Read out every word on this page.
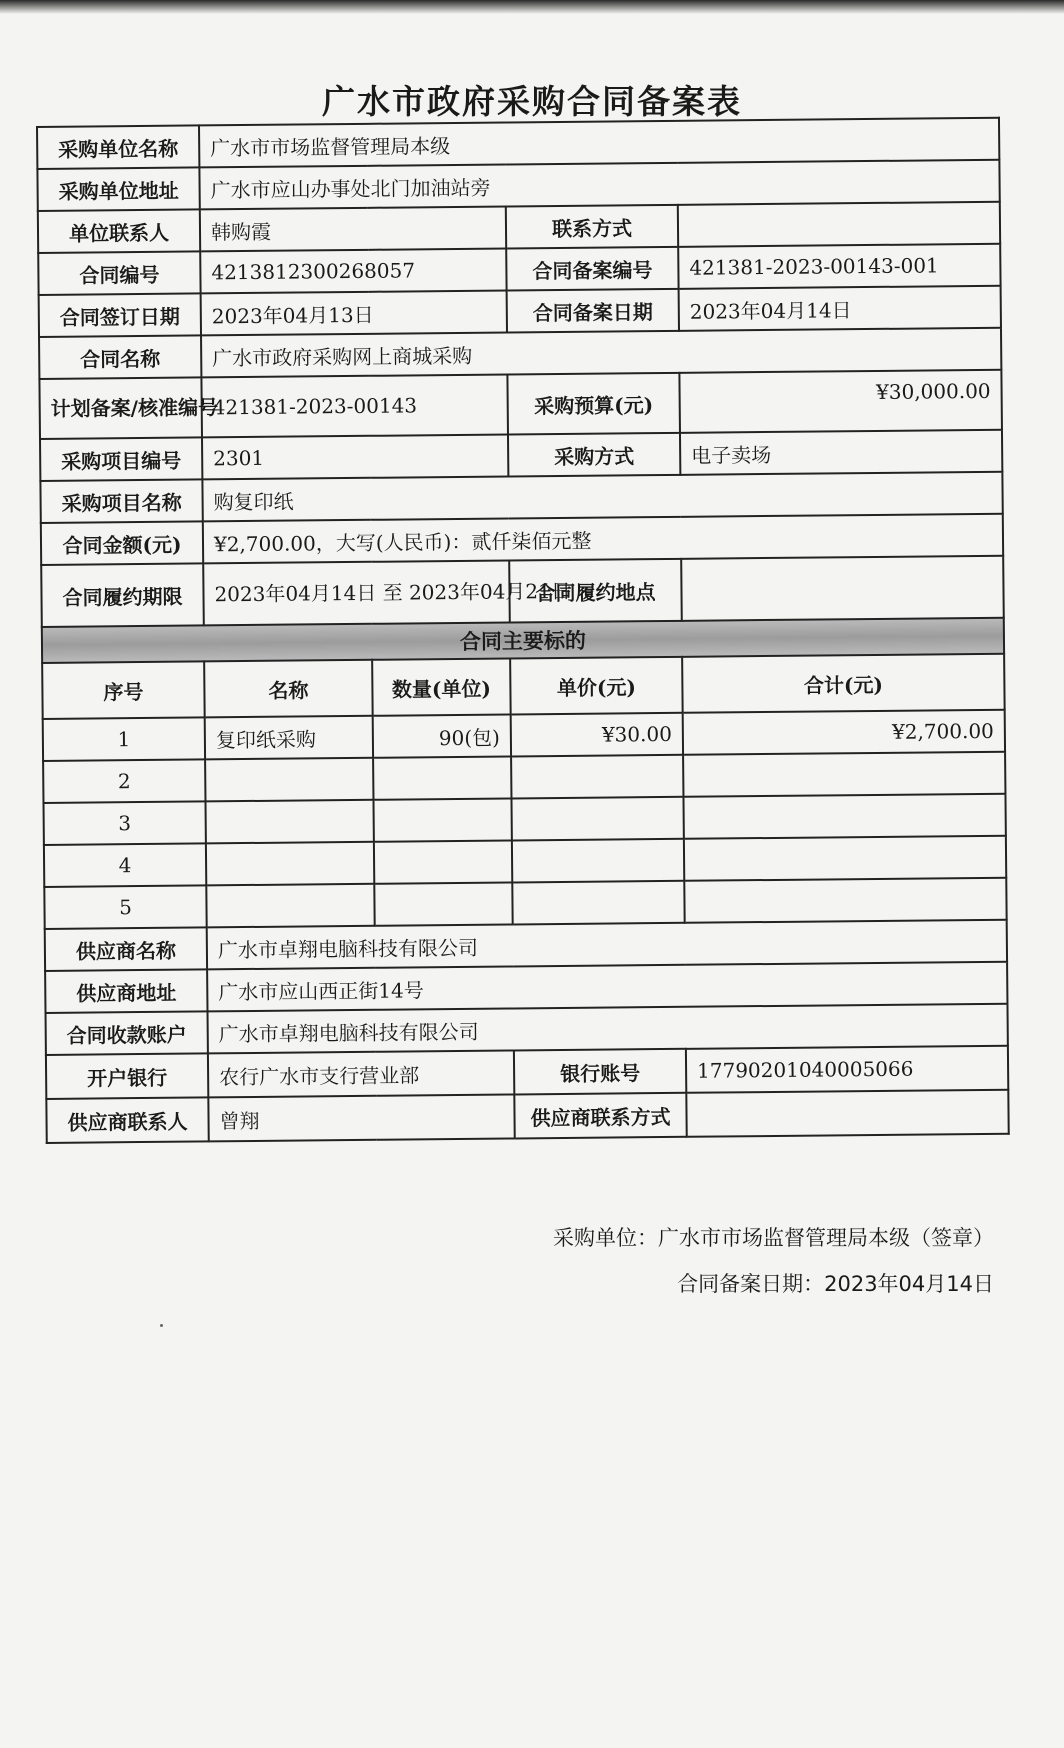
广水市政府采购合同备案表
采购单位名称	广水市市场监督管理局本级			
采购单位地址	广水市应山办事处北门加油站旁			
单位联系人	韩购霞		联系方式	
合同编号	4213812300268057		合同备案编号	421381-2023-00143-001
合同签订日期	2023年04月13日		合同备案日期	2023年04月14日
合同名称	广水市政府采购网上商城采购			
计划备案/核准编号	421381-2023-00143		采购预算(元)	¥30,000.00
采购项目编号	2301		采购方式	电子卖场
采购项目名称	购复印纸			
合同金额(元)	¥2,700.00，大写(人民币)：贰仟柒佰元整			
合同履约期限	2023年04月14日 至 2023年04月21日		合同履约地点	
合同主要标的				
序号	名称	数量(单位)	单价(元)	合计(元)
1	复印纸采购	90(包)	¥30.00	¥2,700.00
2				
3				
4				
5				
供应商名称	广水市卓翔电脑科技有限公司			
供应商地址	广水市应山西正街14号			
合同收款账户	广水市卓翔电脑科技有限公司			
开户银行	农行广水市支行营业部		银行账号	17790201040005066
供应商联系人	曾翔		供应商联系方式	
采购单位：广水市市场监督管理局本级（签章）
合同备案日期：2023年04月14日
